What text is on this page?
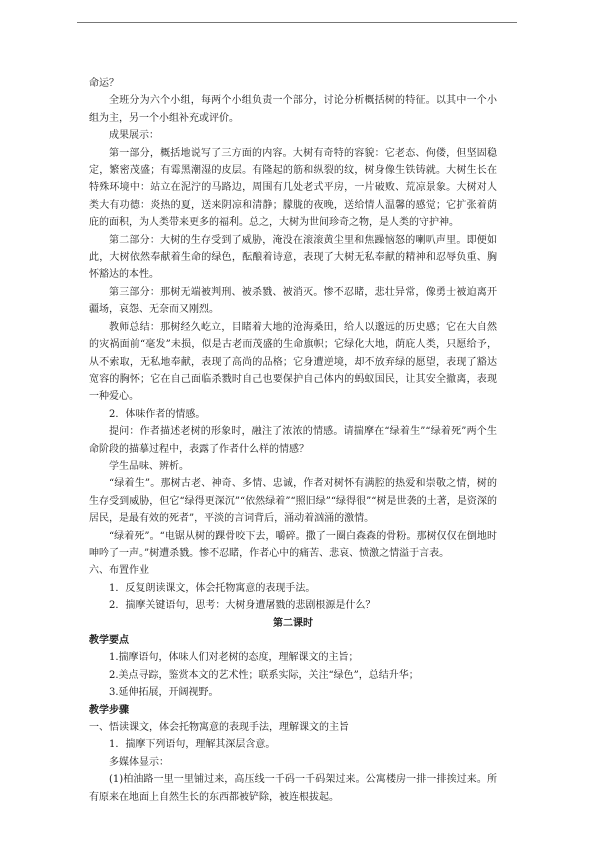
命运？

全班分为六个小组，每两个小组负责一个部分，讨论分析概括树的特征。以其中一个小组为主，另一个小组补充或评价。

成果展示：

第一部分，概括地说写了三方面的内容。大树有奇特的容貌：它老态、佝偻，但坚固稳定，繁密茂盛；有霉黑潮湿的皮层。有隆起的筋和纵裂的纹，树身像生铁铸就。大树生长在特殊环境中：站立在泥泞的马路边，周围有几处老式平房，一片破败、荒凉景象。大树对人类大有功德：炎热的夏，送来阴凉和清静；朦胧的夜晚，送给情人温馨的感觉；它扩张着荫庇的面积，为人类带来更多的福利。总之，大树为世间珍奇之物，是人类的守护神。

第二部分：大树的生存受到了威胁，淹没在滚滚黄尘里和焦躁恼怒的喇叭声里。即便如此，大树依然奉献着生命的绿色，酝酿着诗意，表现了大树无私奉献的精神和忍辱负重、胸怀豁达的本性。

第三部分：那树无端被判刑、被杀戮、被消灭。惨不忍睹，悲壮异常，像勇士被迫离开疆场，哀怨、无奈而又刚烈。

教师总结：那树经久屹立，目睹着大地的沧海桑田，给人以邈远的历史感；它在大自然的灾祸面前“毫发”未损，似是古老而茂盛的生命旗帜；它绿化大地，荫庇人类，只愿给予，从不索取，无私地奉献，表现了高尚的品格；它身遭逆境，却不放弃绿的愿望，表现了豁达宽容的胸怀；它在自己面临杀戮时自己也要保护自己体内的蚂蚁国民，让其安全撤离，表现一种爱心。

2．体味作者的情感。

提问：作者描述老树的形象时，融注了浓浓的情感。请揣摩在“绿着生”“绿着死”两个生命阶段的描摹过程中，表露了作者什么样的情感？

学生品味、辨析。

“绿着生”。那树古老、神奇、多情、忠诚，作者对树怀有满腔的热爱和崇敬之情，树的生存受到威胁，但它“绿得更深沉”“依然绿着”“照旧绿”“绿得很”“树是世袭的土著，是资深的居民，是最有效的死者”，平淡的言词背后，涌动着汹涌的激情。

“绿着死”。“电锯从树的踝骨咬下去，嚼碎。撒了一圈白森森的骨粉。那树仅仅在倒地时呻吟了一声。”树遭杀戮。惨不忍睹，作者心中的痛苦、悲哀、愤激之情溢于言表。

六、布置作业

1．反复朗读课文，体会托物寓意的表现手法。

2．揣摩关键语句，思考：大树身遭屠戮的悲剧根源是什么？

第二课时

教学要点

1.揣摩语句，体味人们对老树的态度，理解课文的主旨；

2.美点寻踪，鉴赏本文的艺术性；联系实际，关注“绿色”，总结升华；

3.延伸拓展，开阔视野。

教学步骤

一、悟读课文，体会托物寓意的表现手法，理解课文的主旨

1．揣摩下列语句，理解其深层含意。

多媒体显示：

(1)柏油路一里一里铺过来，高压线一千码一千码架过来。公寓楼房一排一排挨过来。所有原来在地面上自然生长的东西都被铲除，被连根拔起。
